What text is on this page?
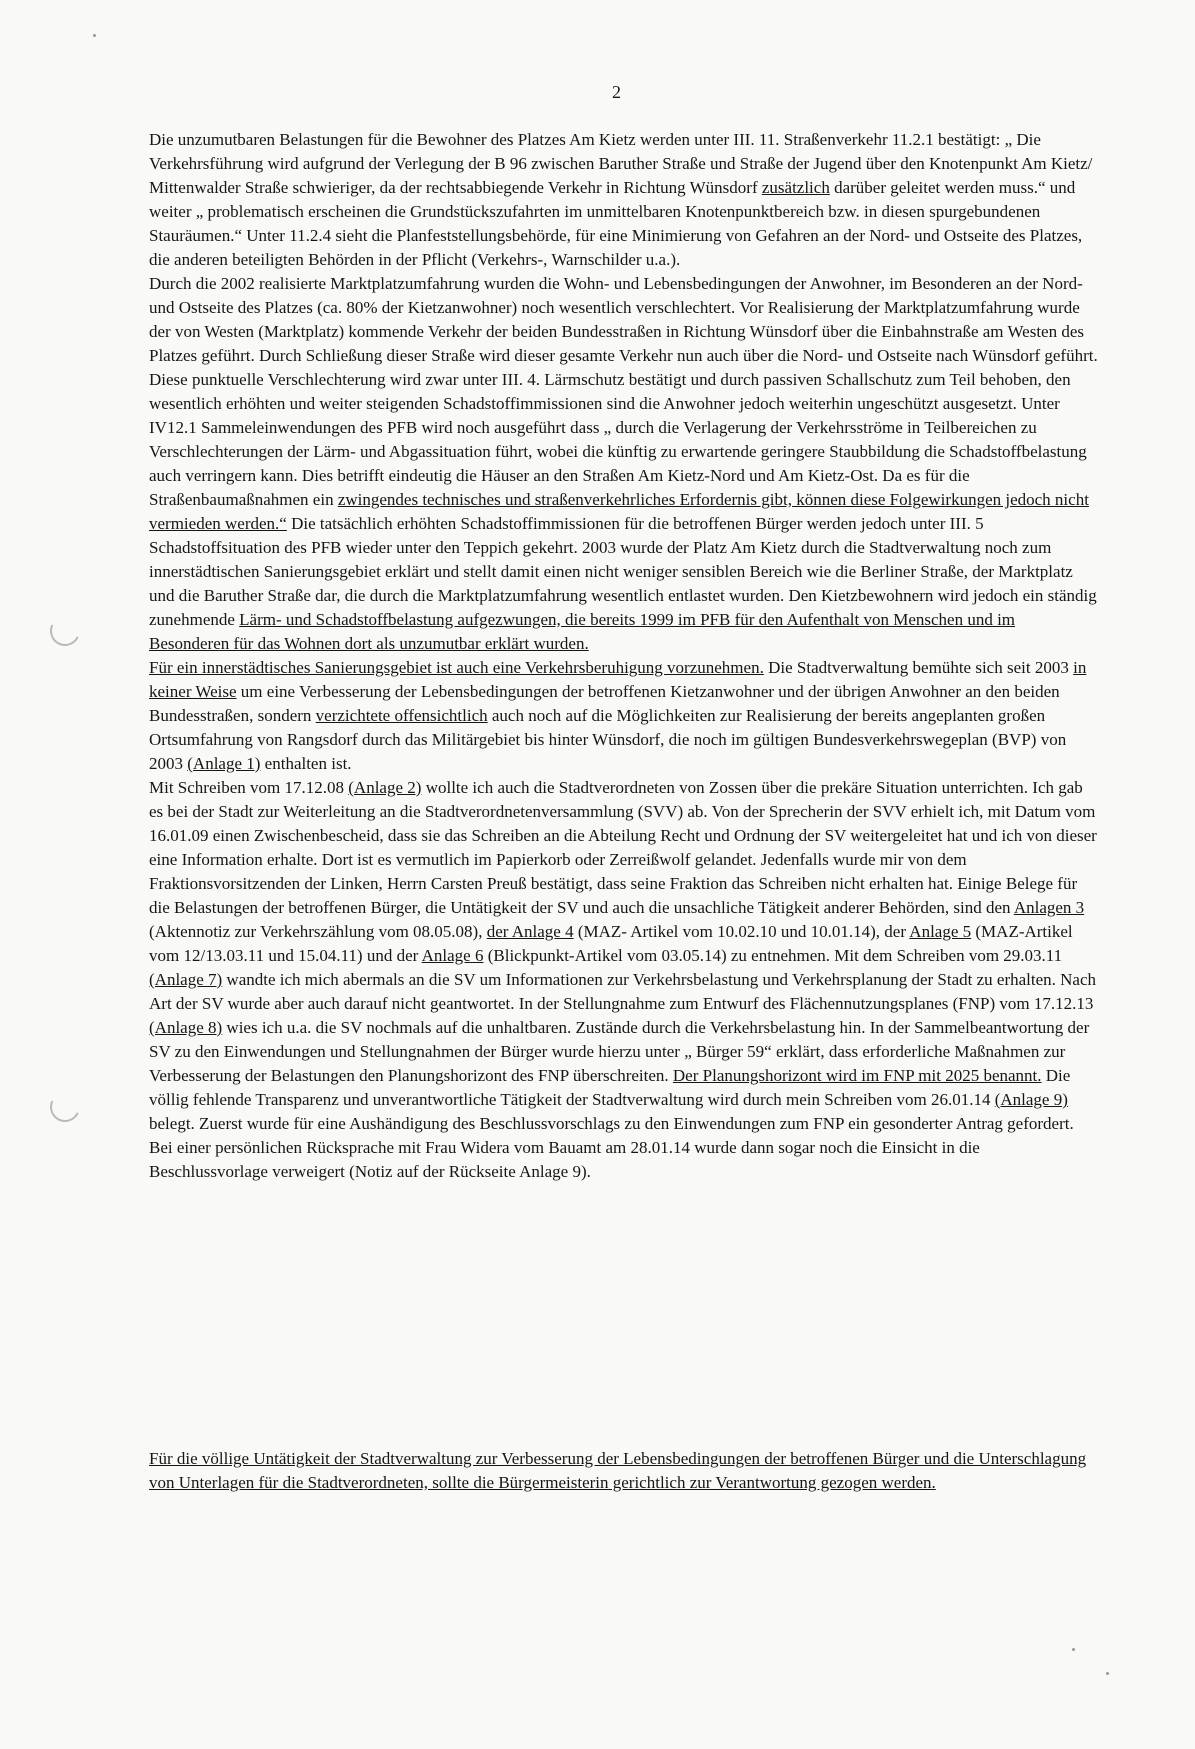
2

Die unzumutbaren Belastungen für die Bewohner des Platzes Am Kietz werden unter III. 11. Straßenverkehr 11.2.1 bestätigt: „ Die Verkehrsführung wird aufgrund der Verlegung der B 96 zwischen Baruther Straße und Straße der Jugend über den Knotenpunkt Am Kietz/ Mittenwalder Straße schwieriger, da der rechtsabbiegende Verkehr in Richtung Wünsdorf zusätzlich darüber geleitet werden muss.“ und weiter „ problematisch erscheinen die Grundstückszufahrten im unmittelbaren Knotenpunktbereich bzw. in diesen spurgebundenen Stauräumen.“ Unter 11.2.4 sieht die Planfeststellungsbehörde, für eine Minimierung von Gefahren an der Nord- und Ostseite des Platzes, die anderen beteiligten Behörden in der Pflicht (Verkehrs-, Warnschilder u.a.).

Durch die 2002 realisierte Marktplatzumfahrung wurden die Wohn- und Lebensbedingungen der Anwohner, im Besonderen an der Nord- und Ostseite des Platzes (ca. 80% der Kietzanwohner) noch wesentlich verschlechtert. Vor Realisierung der Marktplatzumfahrung wurde der von Westen (Marktplatz) kommende Verkehr der beiden Bundesstraßen in Richtung Wünsdorf über die Einbahnstraße am Westen des Platzes geführt. Durch Schließung dieser Straße wird dieser gesamte Verkehr nun auch über die Nord- und Ostseite nach Wünsdorf geführt. Diese punktuelle Verschlechterung wird zwar unter III. 4. Lärmschutz bestätigt und durch passiven Schallschutz zum Teil behoben, den wesentlich erhöhten und weiter steigenden Schadstoffimmissionen sind die Anwohner jedoch weiterhin ungeschützt ausgesetzt. Unter IV12.1 Sammeleinwendungen des PFB wird noch ausgeführt dass „ durch die Verlagerung der Verkehrsströme in Teilbereichen zu Verschlechterungen der Lärm- und Abgassituation führt, wobei die künftig zu erwartende geringere Staubbildung die Schadstoffbelastung auch verringern kann. Dies betrifft eindeutig die Häuser an den Straßen Am Kietz-Nord und Am Kietz-Ost. Da es für die Straßenbaumaßnahmen ein zwingendes technisches und straßenverkehrliches Erfordernis gibt, können diese Folgewirkungen jedoch nicht vermieden werden.“ Die tatsächlich erhöhten Schadstoffimmissionen für die betroffenen Bürger werden jedoch unter III. 5 Schadstoffsituation des PFB wieder unter den Teppich gekehrt. 2003 wurde der Platz Am Kietz durch die Stadtverwaltung noch zum innerstädtischen Sanierungsgebiet erklärt und stellt damit einen nicht weniger sensiblen Bereich wie die Berliner Straße, der Marktplatz und die Baruther Straße dar, die durch die Marktplatzumfahrung wesentlich entlastet wurden. Den Kietzbewohnern wird jedoch ein ständig zunehmende Lärm- und Schadstoffbelastung aufgezwungen, die bereits 1999 im PFB für den Aufenthalt von Menschen und im Besonderen für das Wohnen dort als unzumutbar erklärt wurden.

Für ein innerstädtisches Sanierungsgebiet ist auch eine Verkehrsberuhigung vorzunehmen. Die Stadtverwaltung bemühte sich seit 2003 in keiner Weise um eine Verbesserung der Lebensbedingungen der betroffenen Kietzanwohner und der übrigen Anwohner an den beiden Bundesstraßen, sondern verzichtete offensichtlich auch noch auf die Möglichkeiten zur Realisierung der bereits angeplanten großen Ortsumfahrung von Rangsdorf durch das Militärgebiet bis hinter Wünsdorf, die noch im gültigen Bundesverkehrswegeplan (BVP) von 2003 (Anlage 1) enthalten ist.

Mit Schreiben vom 17.12.08 (Anlage 2) wollte ich auch die Stadtverordneten von Zossen über die prekäre Situation unterrichten. Ich gab es bei der Stadt zur Weiterleitung an die Stadtverordnetenversammlung (SVV) ab. Von der Sprecherin der SVV erhielt ich, mit Datum vom 16.01.09 einen Zwischenbescheid, dass sie das Schreiben an die Abteilung Recht und Ordnung der SV weitergeleitet hat und ich von dieser eine Information erhalte. Dort ist es vermutlich im Papierkorb oder Zerreißwolf gelandet. Jedenfalls wurde mir von dem Fraktionsvorsitzenden der Linken, Herrn Carsten Preuß bestätigt, dass seine Fraktion das Schreiben nicht erhalten hat. Einige Belege für die Belastungen der betroffenen Bürger, die Untätigkeit der SV und auch die unsachliche Tätigkeit anderer Behörden, sind den Anlagen 3 (Aktennotiz zur Verkehrszählung vom 08.05.08), der Anlage 4 (MAZ- Artikel vom 10.02.10 und 10.01.14), der Anlage 5 (MAZ-Artikel vom 12/13.03.11 und 15.04.11) und der Anlage 6 (Blickpunkt-Artikel vom 03.05.14) zu entnehmen. Mit dem Schreiben vom 29.03.11 (Anlage 7) wandte ich mich abermals an die SV um Informationen zur Verkehrsbelastung und Verkehrsplanung der Stadt zu erhalten. Nach Art der SV wurde aber auch darauf nicht geantwortet. In der Stellungnahme zum Entwurf des Flächennutzungsplanes (FNP) vom 17.12.13 (Anlage 8) wies ich u.a. die SV nochmals auf die unhaltbaren. Zustände durch die Verkehrsbelastung hin. In der Sammelbeantwortung der SV zu den Einwendungen und Stellungnahmen der Bürger wurde hierzu unter „ Bürger 59“ erklärt, dass erforderliche Maßnahmen zur Verbesserung der Belastungen den Planungshorizont des FNP überschreiten. Der Planungshorizont wird im FNP mit 2025 benannt. Die völlig fehlende Transparenz und unverantwortliche Tätigkeit der Stadtverwaltung wird durch mein Schreiben vom 26.01.14 (Anlage 9) belegt. Zuerst wurde für eine Aushändigung des Beschlussvorschlags zu den Einwendungen zum FNP ein gesonderter Antrag gefordert. Bei einer persönlichen Rücksprache mit Frau Widera vom Bauamt am 28.01.14 wurde dann sogar noch die Einsicht in die Beschlussvorlage verweigert (Notiz auf der Rückseite Anlage 9).

Für die völlige Untätigkeit der Stadtverwaltung zur Verbesserung der Lebensbedingungen der betroffenen Bürger und die Unterschlagung von Unterlagen für die Stadtverordneten, sollte die Bürgermeisterin gerichtlich zur Verantwortung gezogen werden.
